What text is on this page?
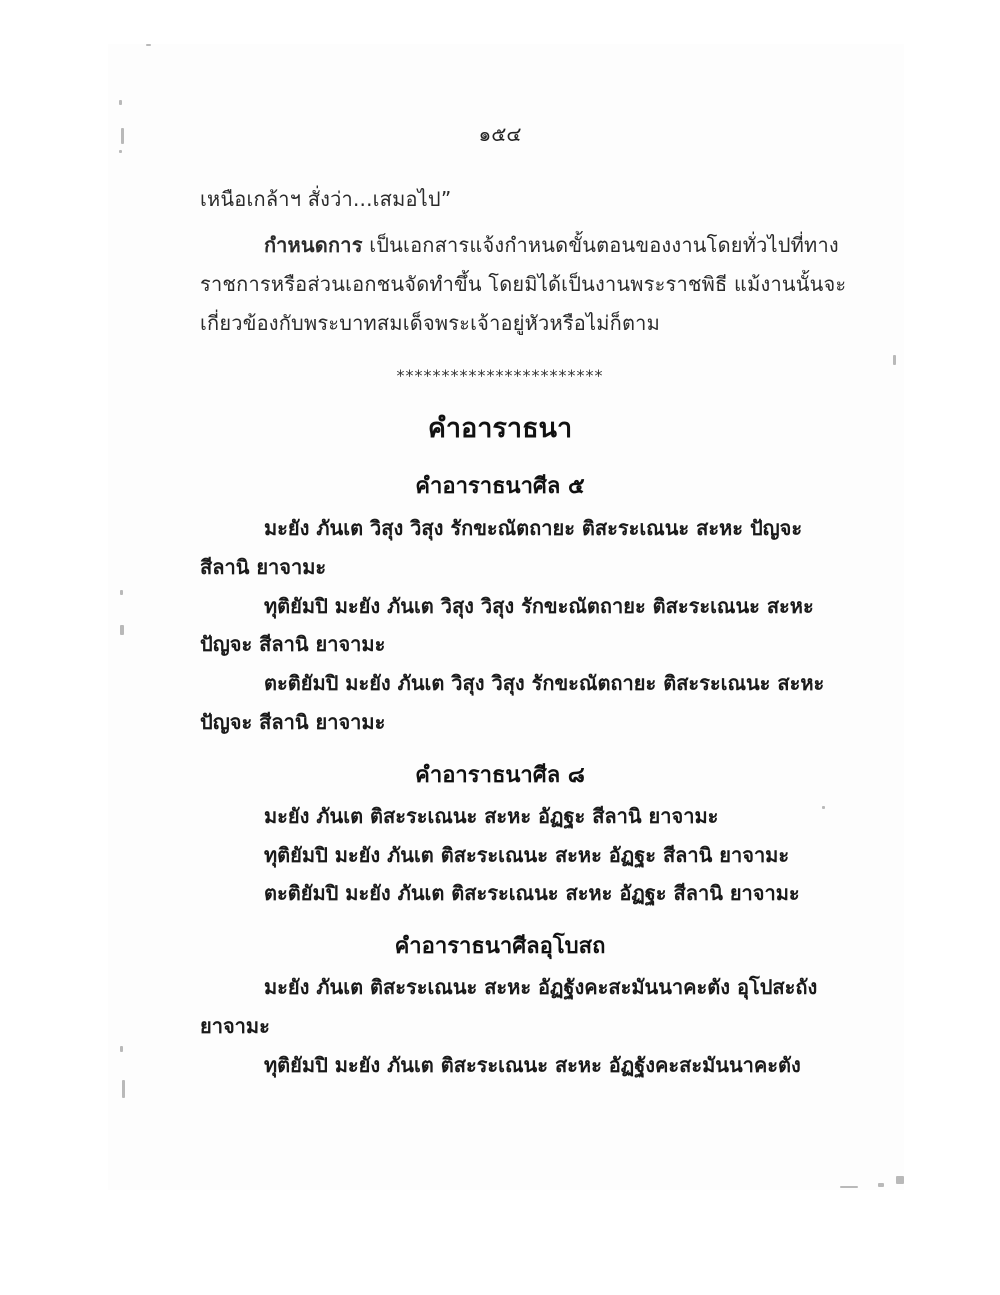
๑๕๔
เหนือเกล้าฯ สั่งว่า...เสมอไป”
กำหนดการ เป็นเอกสารแจ้งกำหนดขั้นตอนของงานโดยทั่วไปที่ทาง
ราชการหรือส่วนเอกชนจัดทำขึ้น โดยมิได้เป็นงานพระราชพิธี แม้งานนั้นจะ
เกี่ยวข้องกับพระบาทสมเด็จพระเจ้าอยู่หัวหรือไม่ก็ตาม
***********************
คำอาราธนา
คำอาราธนาศีล ๕
มะยัง ภันเต วิสุง วิสุง รักขะณัตถายะ ติสะระเณนะ สะหะ ปัญจะ
สีลานิ ยาจามะ
ทุติยัมปิ มะยัง ภันเต วิสุง วิสุง รักขะณัตถายะ ติสะระเณนะ สะหะ
ปัญจะ สีลานิ ยาจามะ
ตะติยัมปิ มะยัง ภันเต วิสุง วิสุง รักขะณัตถายะ ติสะระเณนะ สะหะ
ปัญจะ สีลานิ ยาจามะ
คำอาราธนาศีล ๘
มะยัง ภันเต ติสะระเณนะ สะหะ อัฏฐะ สีลานิ ยาจามะ
ทุติยัมปิ มะยัง ภันเต ติสะระเณนะ สะหะ อัฏฐะ สีลานิ ยาจามะ
ตะติยัมปิ มะยัง ภันเต ติสะระเณนะ สะหะ อัฏฐะ สีลานิ ยาจามะ
คำอาราธนาศีลอุโบสถ
มะยัง ภันเต ติสะระเณนะ สะหะ อัฏฐังคะสะมันนาคะตัง อุโปสะถัง
ยาจามะ
ทุติยัมปิ มะยัง ภันเต ติสะระเณนะ สะหะ อัฏฐังคะสะมันนาคะตัง
